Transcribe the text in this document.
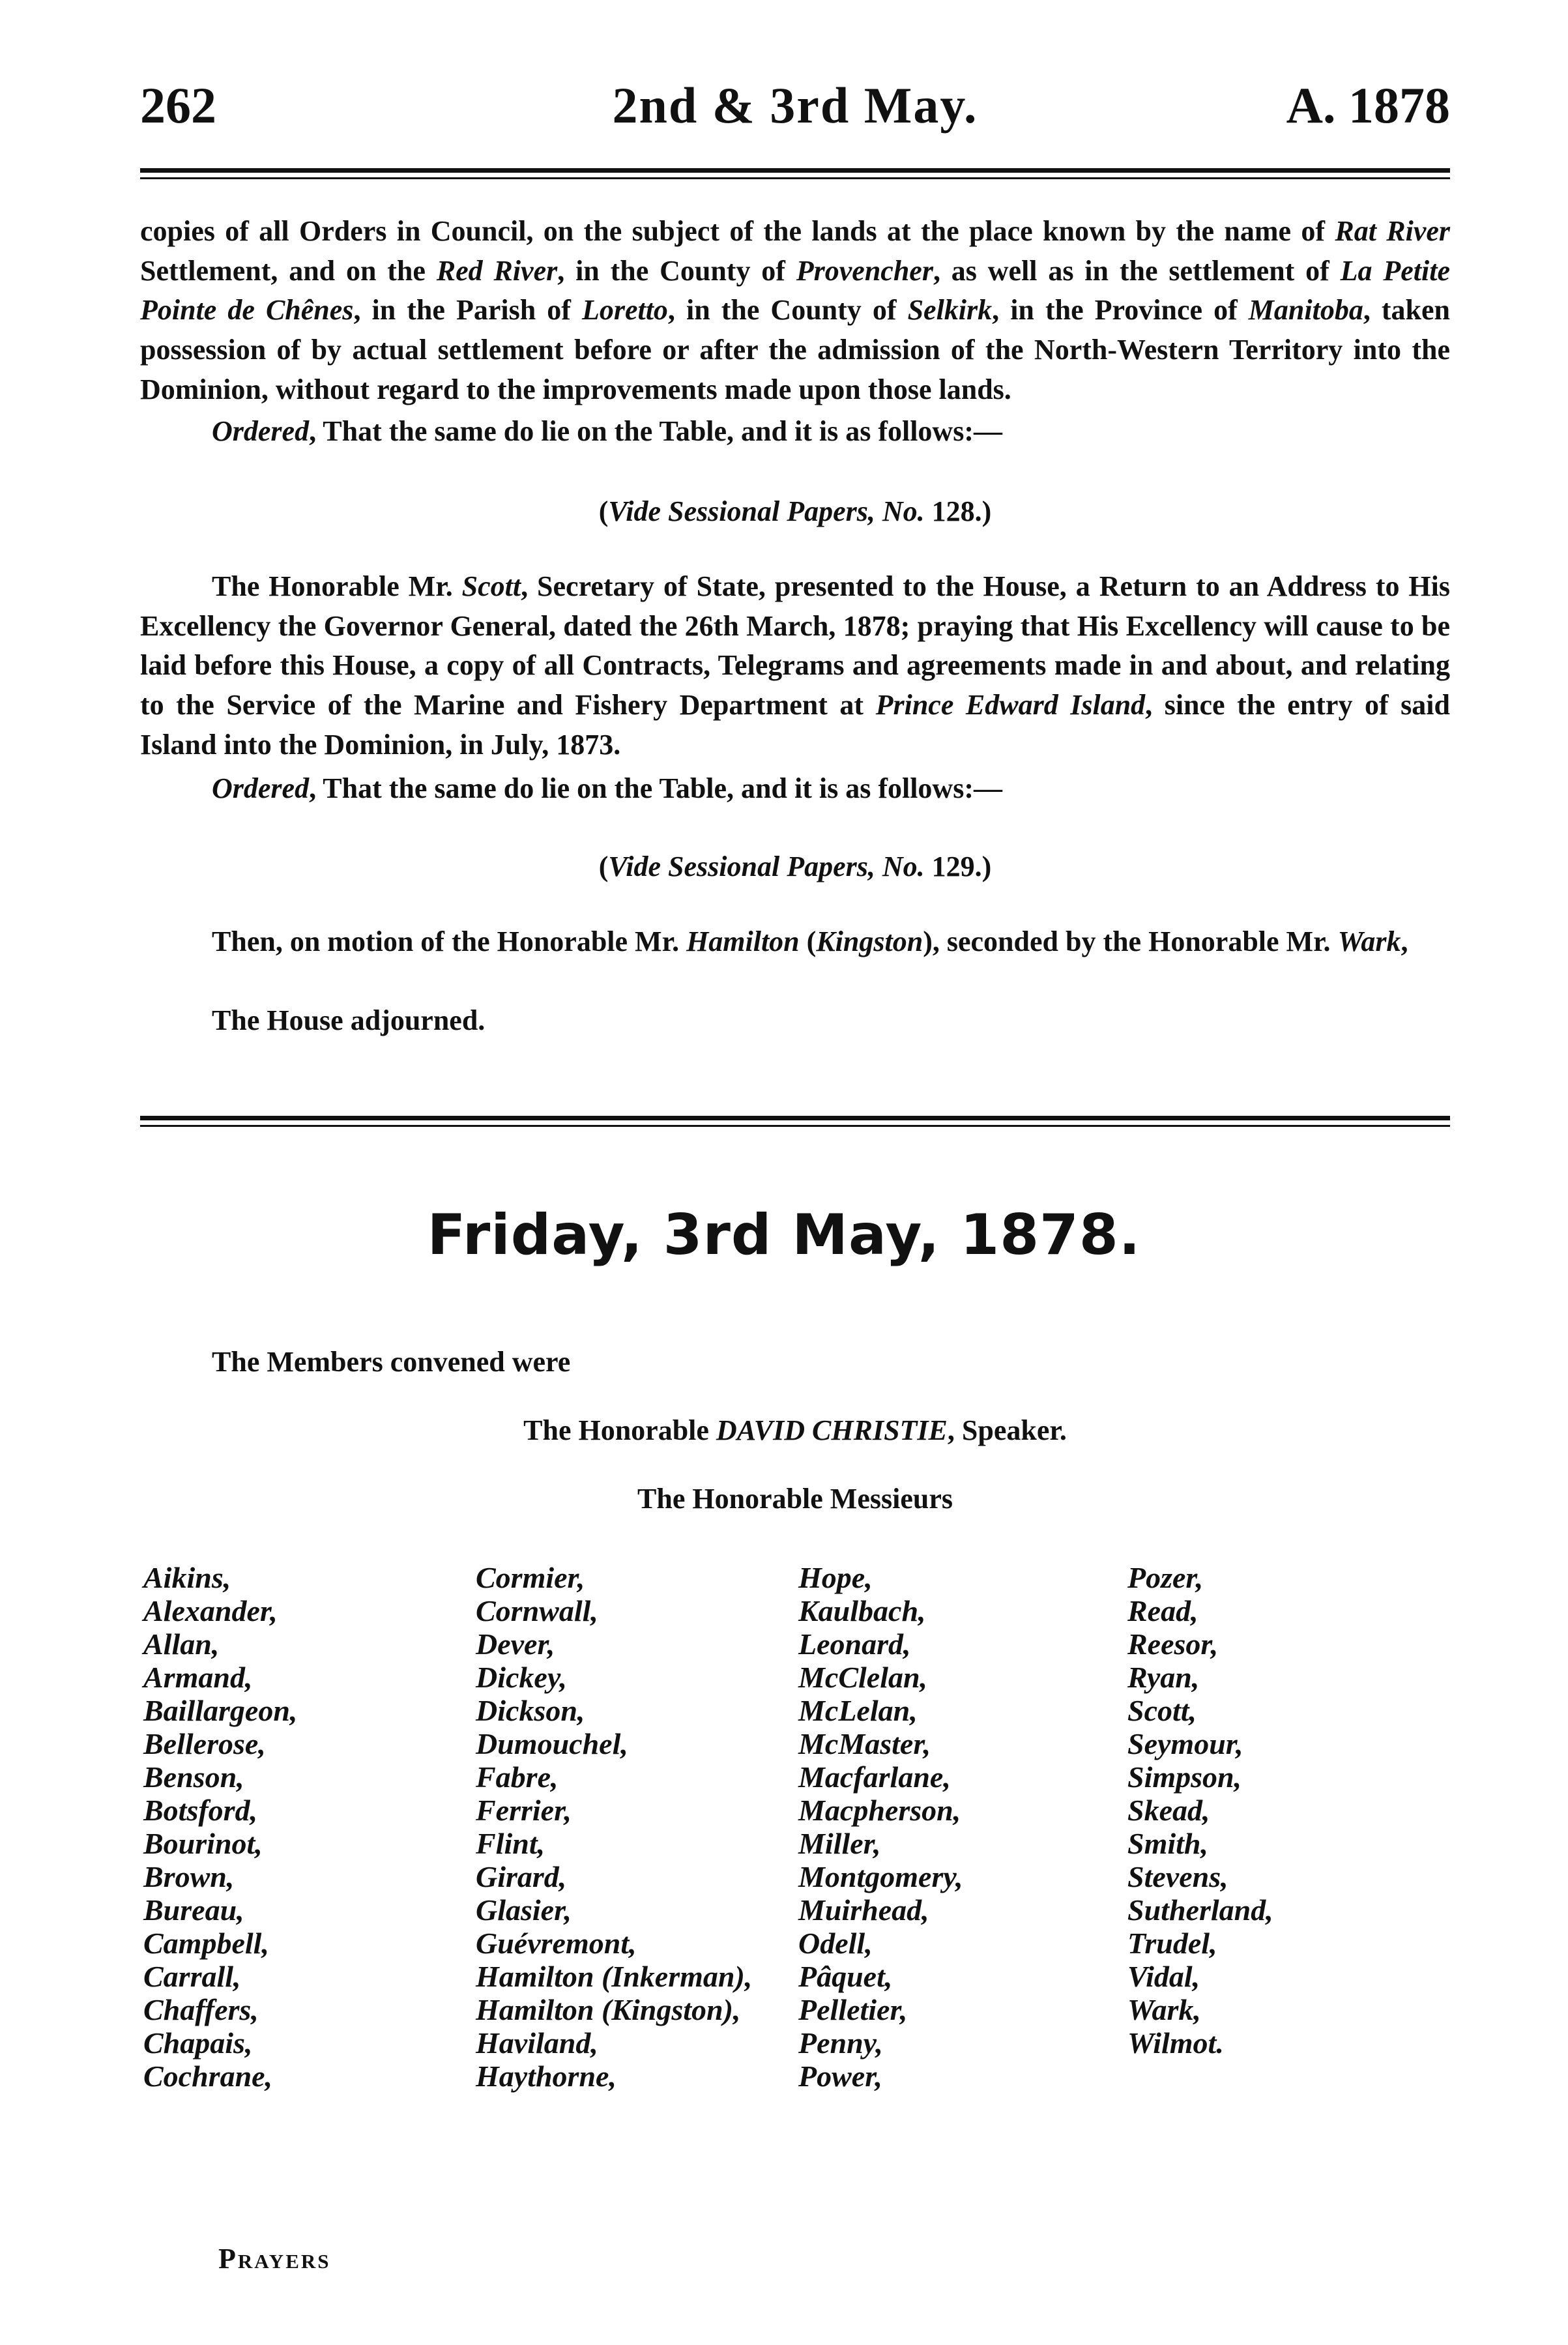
262	2nd & 3rd May.	A. 1878

copies of all Orders in Council, on the subject of the lands at the place known by the name of Rat River Settlement, and on the Red River, in the County of Provencher, as well as in the settlement of La Petite Pointe de Chênes, in the Parish of Loretto, in the County of Selkirk, in the Province of Manitoba, taken possession of by actual settlement before or after the admission of the North-Western Territory into the Dominion, without regard to the improvements made upon those lands.

Ordered, That the same do lie on the Table, and it is as follows:—

(Vide Sessional Papers, No. 128.)

The Honorable Mr. Scott, Secretary of State, presented to the House, a Return to an Address to His Excellency the Governor General, dated the 26th March, 1878; praying that His Excellency will cause to be laid before this House, a copy of all Contracts, Telegrams and agreements made in and about, and relating to the Service of the Marine and Fishery Department at Prince Edward Island, since the entry of said Island into the Dominion, in July, 1873.

Ordered, That the same do lie on the Table, and it is as follows:—

(Vide Sessional Papers, No. 129.)

Then, on motion of the Honorable Mr. Hamilton (Kingston), seconded by the Honorable Mr. Wark,

The House adjourned.

Friday, 3rd May, 1878.

The Members convened were

The Honorable DAVID CHRISTIE, Speaker.

The Honorable Messieurs

Aikins,
Alexander,
Allan,
Armand,
Baillargeon,
Bellerose,
Benson,
Botsford,
Bourinot,
Brown,
Bureau,
Campbell,
Carrall,
Chaffers,
Chapais,
Cochrane,
Cormier,
Cornwall,
Dever,
Dickey,
Dickson,
Dumouchel,
Fabre,
Ferrier,
Flint,
Girard,
Glasier,
Guévremont,
Hamilton (Inkerman),
Hamilton (Kingston),
Haviland,
Haythorne,
Hope,
Kaulbach,
Leonard,
McClelan,
McLelan,
McMaster,
Macfarlane,
Macpherson,
Miller,
Montgomery,
Muirhead,
Odell,
Pâquet,
Pelletier,
Penny,
Power,
Pozer,
Read,
Reesor,
Ryan,
Scott,
Seymour,
Simpson,
Skead,
Smith,
Stevens,
Sutherland,
Trudel,
Vidal,
Wark,
Wilmot.
Prayers
